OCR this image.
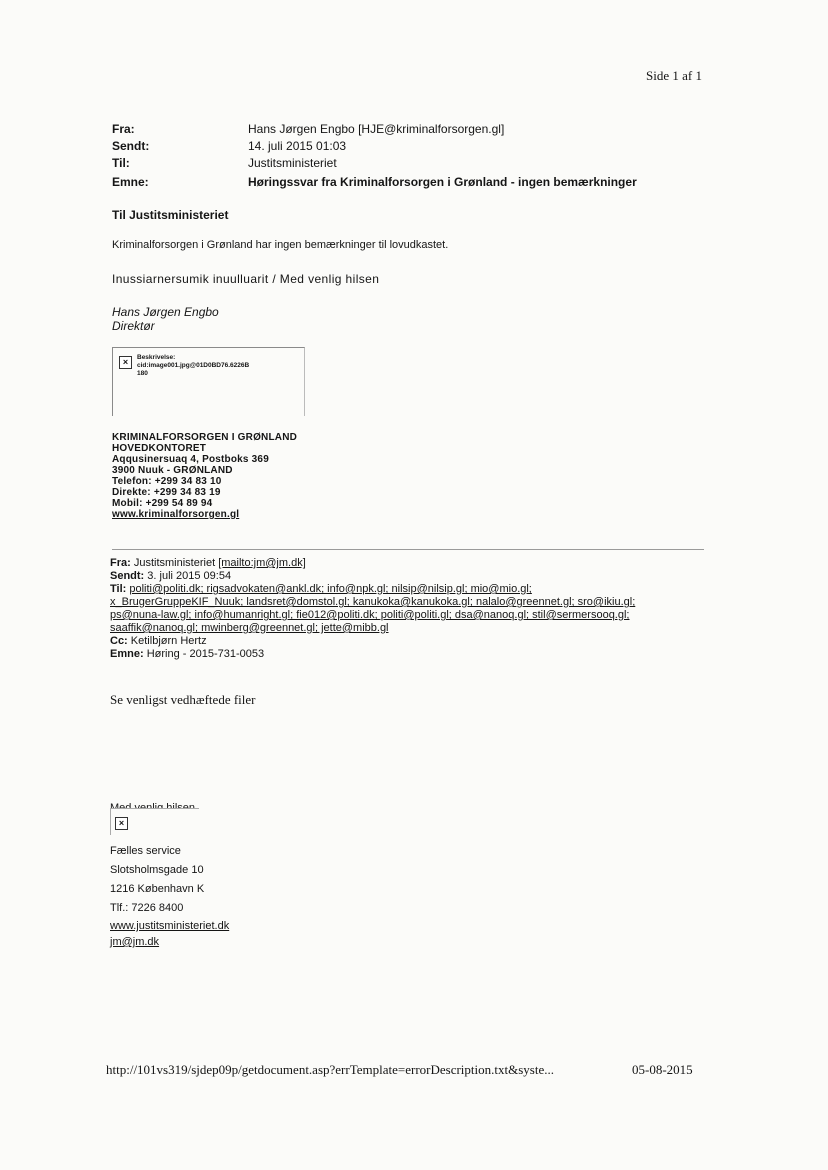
Side 1 af 1
Fra:	Hans Jørgen Engbo [HJE@kriminalforsorgen.gl]
Sendt:	14. juli 2015 01:03
Til:	Justitsministeriet
Emne:	Høringssvar fra Kriminalforsorgen i Grønland - ingen bemærkninger
Til Justitsministeriet
Kriminalforsorgen i Grønland har ingen bemærkninger til lovudkastet.
Inussiarnersumik inuulluarit / Med venlig hilsen
Hans Jørgen Engbo
Direktør
×	Beskrivelse:
cid:image001.jpg@01D0BD76.6226B
180
KRIMINALFORSORGEN I GRØNLAND
HOVEDKONTORET
Aqqusinersuaq 4, Postboks 369
3900 Nuuk - GRØNLAND
Telefon: +299 34 83 10
Direkte: +299 34 83 19
Mobil: +299 54 89 94
www.kriminalforsorgen.gl
Fra: Justitsministeriet [mailto:jm@jm.dk]
Sendt: 3. juli 2015 09:54
Til: politi@politi.dk; rigsadvokaten@ankl.dk; info@npk.gl; nilsip@nilsip.gl; mio@mio.gl;
x_BrugerGruppeKIF_Nuuk; landsret@domstol.gl; kanukoka@kanukoka.gl; nalalo@greennet.gl; sro@ikiu.gl;
ps@nuna-law.gl; info@humanright.gl; fie012@politi.dk; politi@politi.gl; dsa@nanoq.gl; stil@sermersooq.gl;
saaffik@nanoq.gl; mwinberg@greennet.gl; jette@mibb.gl
Cc: Ketilbjørn Hertz
Emne: Høring - 2015-731-0053
Se venligst vedhæftede filer
×
Fælles service
Slotsholmsgade 10
1216 København K
Tlf.: 7226 8400
www.justitsministeriet.dk
jm@jm.dk
http://101vs319/sjdep09p/getdocument.asp?errTemplate=errorDescription.txt&syste...	05-08-2015
